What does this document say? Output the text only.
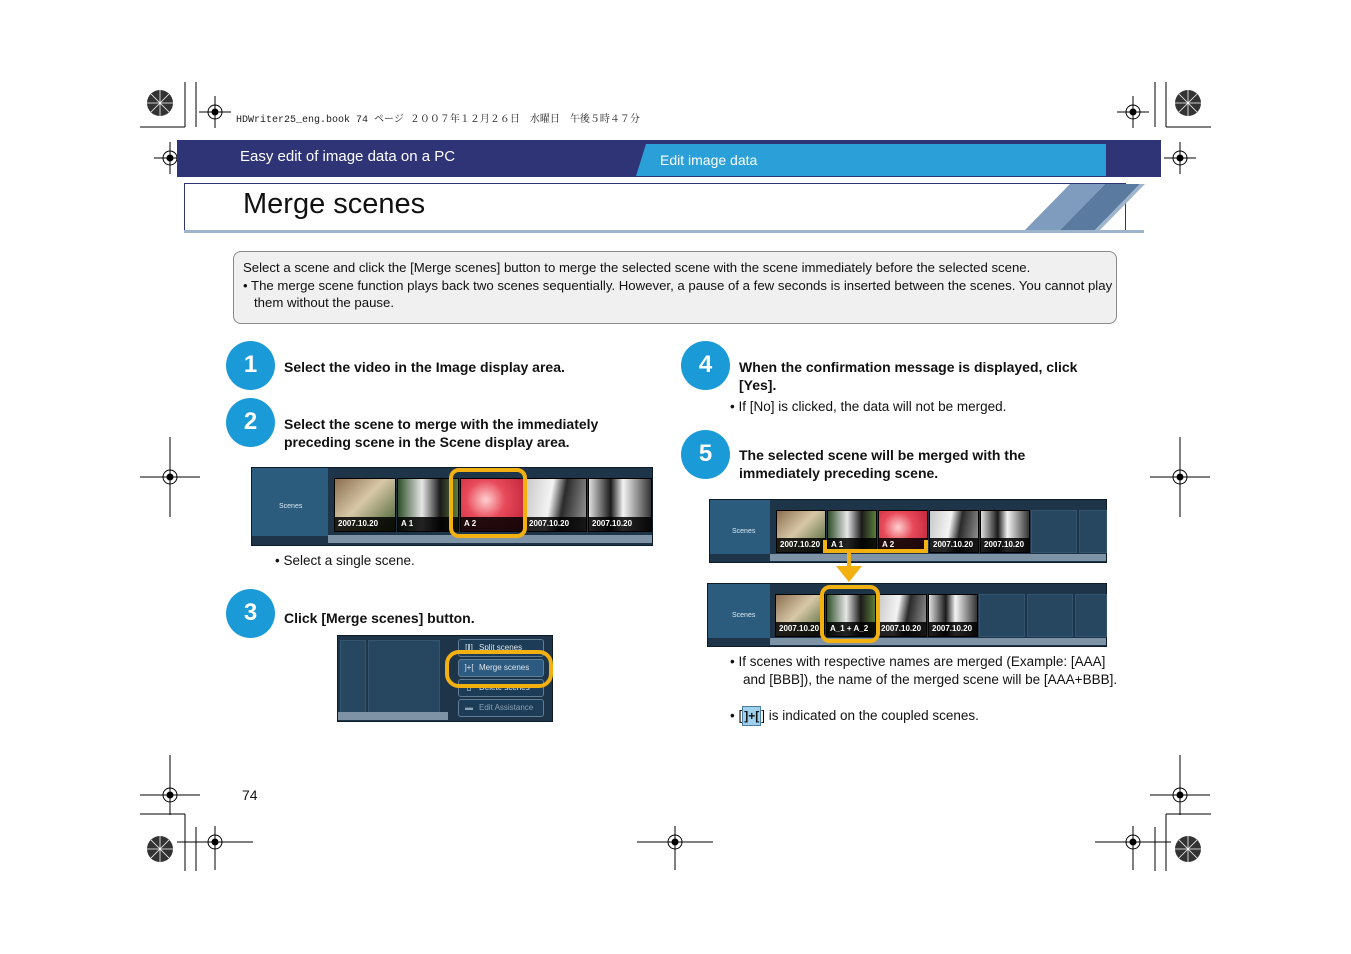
HDWriter25_eng.book 74 ページ ２００７年１２月２６日　水曜日　午後５時４７分
Easy edit of image data on a PC	Edit image data
Merge scenes
Select a scene and click the [Merge scenes] button to merge the selected scene with the scene immediately before the selected scene.
• The merge scene function plays back two scenes sequentially. However, a pause of a few seconds is inserted between the scenes. You cannot play them without the pause.
1	Select the video in the Image display area.
2	Select the scene to merge with the immediately preceding scene in the Scene display area.
Scenes
2007.10.20	A 1	A 2	2007.10.20	2007.10.20
• Select a single scene.
3	Click [Merge scenes] button.
[‖] Split scenes
]+[ Merge scenes
▯ Delete scenes
▬ Edit Assistance
4	When the confirmation message is displayed, click [Yes].
• If [No] is clicked, the data will not be merged.
5	The selected scene will be merged with the immediately preceding scene.
Scenes
2007.10.20	A 1	A 2	2007.10.20	2007.10.20
Scenes
2007.10.20	A_1 + A_2	2007.10.20	2007.10.20
• If scenes with respective names are merged (Example: [AAA] and [BBB]), the name of the merged scene will be [AAA+BBB].
• [ ]+[ ] is indicated on the coupled scenes.
74
